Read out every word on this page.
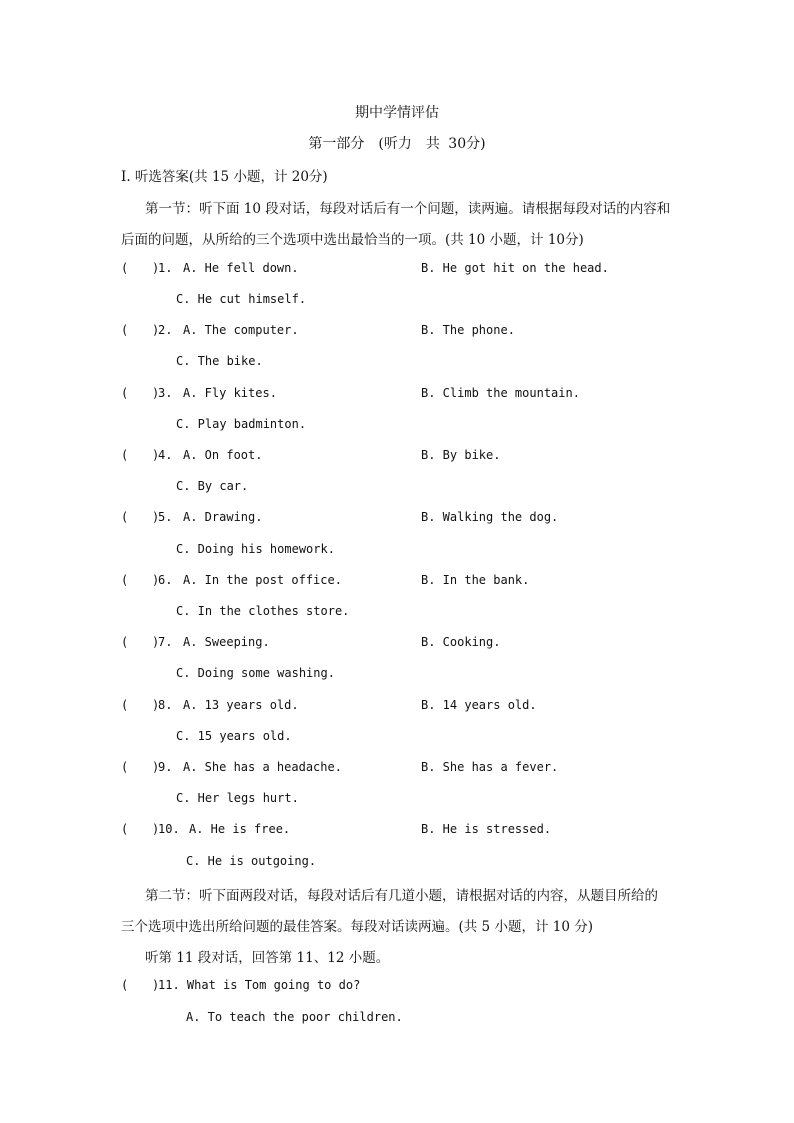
期中学情评估
第一部分　(听力　共 30分)
Ⅰ. 听选答案(共 15 小题，计 20分)
第一节：听下面 10 段对话，每段对话后有一个问题，读两遍。请根据每段对话的内容和
后面的问题，从所给的三个选项中选出最恰当的一项。(共 10 小题，计 10分)
( )
1. A. He fell down.	B. He got hit on the head.
C. He cut himself.
( )
2. A. The computer.	B. The phone.
C. The bike.
( )
3. A. Fly kites.	B. Climb the mountain.
C. Play badminton.
( )
4. A. On foot.	B. By bike.
C. By car.
( )
5. A. Drawing.	B. Walking the dog.
C. Doing his homework.
( )
6. A. In the post office.	B. In the bank.
C. In the clothes store.
( )
7. A. Sweeping.	B. Cooking.
C. Doing some washing.
( )
8. A. 13 years old.	B. 14 years old.
C. 15 years old.
( )
9. A. She has a headache.	B. She has a fever.
C. Her legs hurt.
( )
10. A. He is free.	B. He is stressed.
C. He is outgoing.
第二节：听下面两段对话，每段对话后有几道小题，请根据对话的内容，从题目所给的
三个选项中选出所给问题的最佳答案。每段对话读两遍。(共 5 小题，计 10 分)
听第 11 段对话，回答第 11、12 小题。
( )
11. What is Tom going to do?
A. To teach the poor children.
